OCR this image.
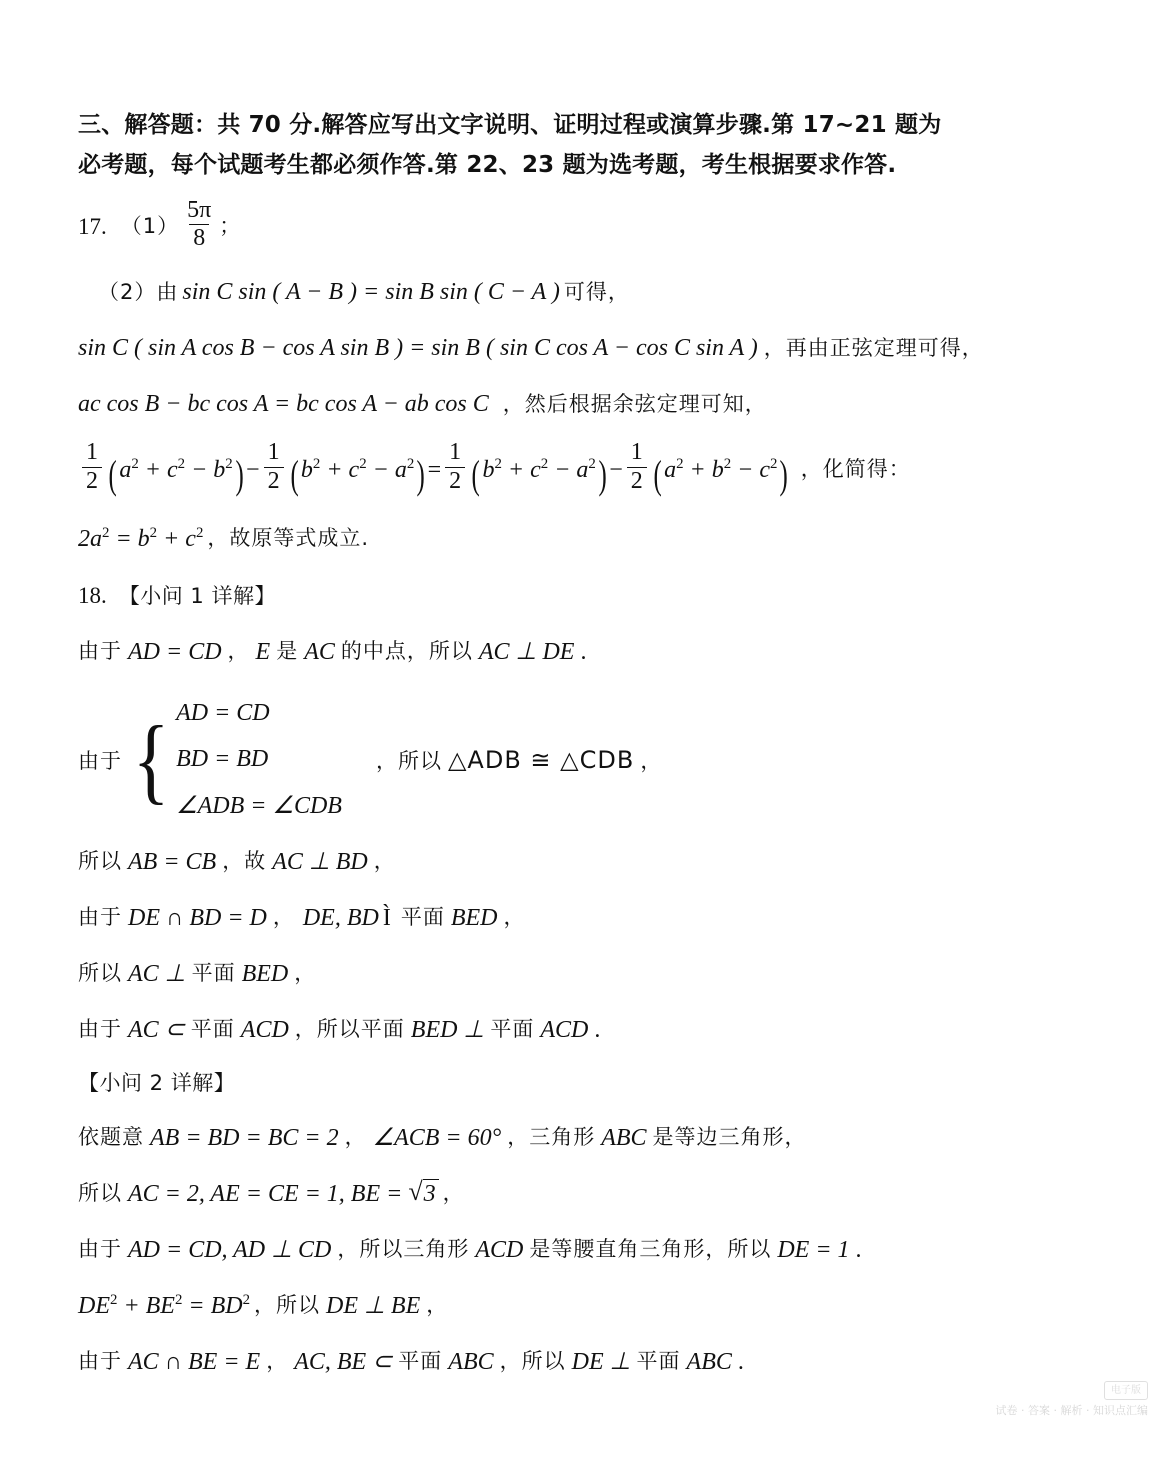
三、解答题：共 70 分.解答应写出文字说明、证明过程或演算步骤.第 17~21 题为
必考题，每个试题考生都必须作答.第 22、23 题为选考题，考生根据要求作答.
17. $(1) \frac{5\pi}{8}$ ；
（2） 由 sin C sin ( A − B ) = sin B sin ( C − A ) 可得，
sin C ( sin A cos B − cos A sin B ) = sin B ( sin C cos A − cos C sin A ) ，再由正弦定理可得，
ac cos B − bc cos A = bc cos A − ab cos C ，然后根据余弦定理可知，
$\frac{1}{2}$ ( $a^2 + c^2 - b^2$ ) − $\frac{1}{2}$ ( $b^2 + c^2 - a^2$ ) = $\frac{1}{2}$ ( $b^2 + c^2 - a^2$ ) − $\frac{1}{2}$ ( $a^2 + b^2 - c^2$ ) ，化简得：
$2a^2 = b^2 + c^2$ ，故原等式成立.
18. 【小问 1 详解】
由于 AD = CD ， E 是 AC 的中点，所以 AC ⊥ DE .
由于 { AD = CD
BD = BD
∠ADB = ∠CDB
，所以 △ADB ≅ △CDB ，
所以 AB = CB ，故 AC ⊥ BD ，
由于 DE ∩ BD = D ， DE, BD Ì 平面 BED ，
所以 AC ⊥ 平面 BED ，
由于 AC ⊂ 平面 ACD ，所以平面 BED ⊥ 平面 ACD .
【小问 2 详解】
依题意 AB = BD = BC = 2 ， ∠ACB = 60° ，三角形 ABC 是等边三角形，
所以 AC = 2, AE = CE = 1, BE = √ 3 ，
由于 AD = CD, AD ⊥ CD ，所以三角形 ACD 是等腰直角三角形，所以 DE = 1 .
$DE^2 + BE^2 = BD^2$ ，所以 DE ⊥ BE ，
由于 AC ∩ BE = E ， AC, BE ⊂ 平面 ABC ，所以 DE ⊥ 平面 ABC .
电子版
试卷 · 答案 · 解析 · 知识点汇编
